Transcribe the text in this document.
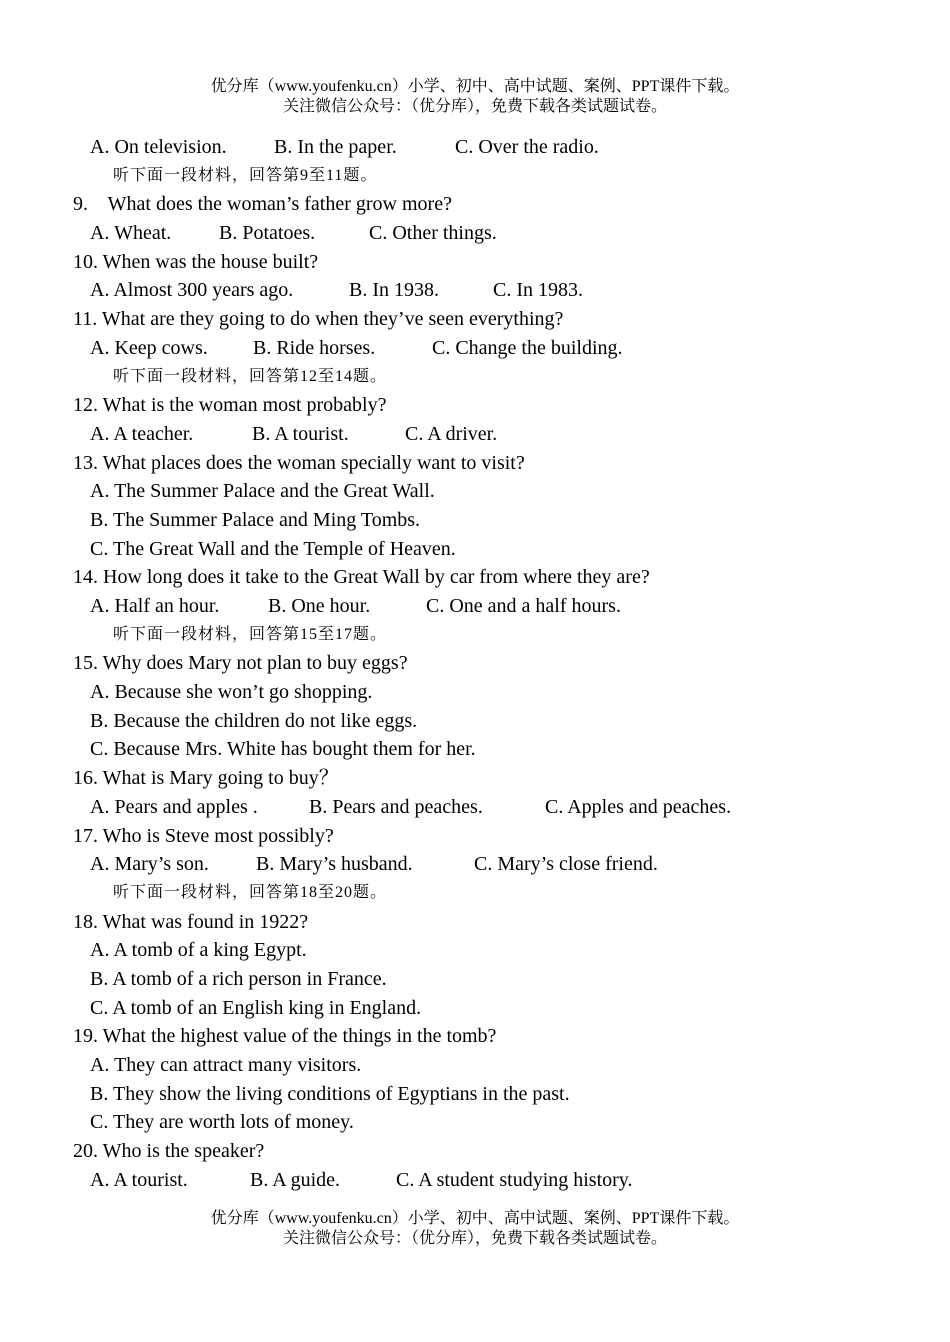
优分库（www.youfenku.cn）小学、初中、高中试题、案例、PPT课件下载。
关注微信公众号：（优分库），免费下载各类试题试卷。
A. On television. B. In the paper.	C. Over the radio.
听下面一段材料，回答第9至11题。
9.    What does the woman’s father grow more?
A. Wheat. B. Potatoes.	C. Other things.
10. When was the house built?
A. Almost 300 years ago.	B. In 1938.	C. In 1983.
11. What are they going to do when they’ve seen everything?
A. Keep cows. B. Ride horses.	C. Change the building.
听下面一段材料，回答第12至14题。
12. What is the woman most probably?
A. A teacher.	B. A tourist.	C. A driver.
13. What places does the woman specially want to visit?
A. The Summer Palace and the Great Wall.
B. The Summer Palace and Ming Tombs.
C. The Great Wall and the Temple of Heaven.
14. How long does it take to the Great Wall by car from where they are?
A. Half an hour. B. One hour.	C. One and a half hours.
听下面一段材料，回答第15至17题。
15. Why does Mary not plan to buy eggs?
A. Because she won’t go shopping.
B. Because the children do not like eggs.
C. Because Mrs. White has bought them for her.
16. What is Mary going to buy？
A. Pears and apples .	B. Pears and peaches.	C. Apples and peaches.
17. Who is Steve most possibly?
A. Mary’s son. B. Mary’s husband.	C. Mary’s close friend.
听下面一段材料，回答第18至20题。
18. What was found in 1922?
A. A tomb of a king Egypt.
B. A tomb of a rich person in France.
C. A tomb of an English king in England.
19. What the highest value of the things in the tomb?
A. They can attract many visitors.
B. They show the living conditions of Egyptians in the past.
C. They are worth lots of money.
20. Who is the speaker?
A. A tourist.	B. A guide.	C. A student studying history.
优分库（www.youfenku.cn）小学、初中、高中试题、案例、PPT课件下载。
关注微信公众号：（优分库），免费下载各类试题试卷。
